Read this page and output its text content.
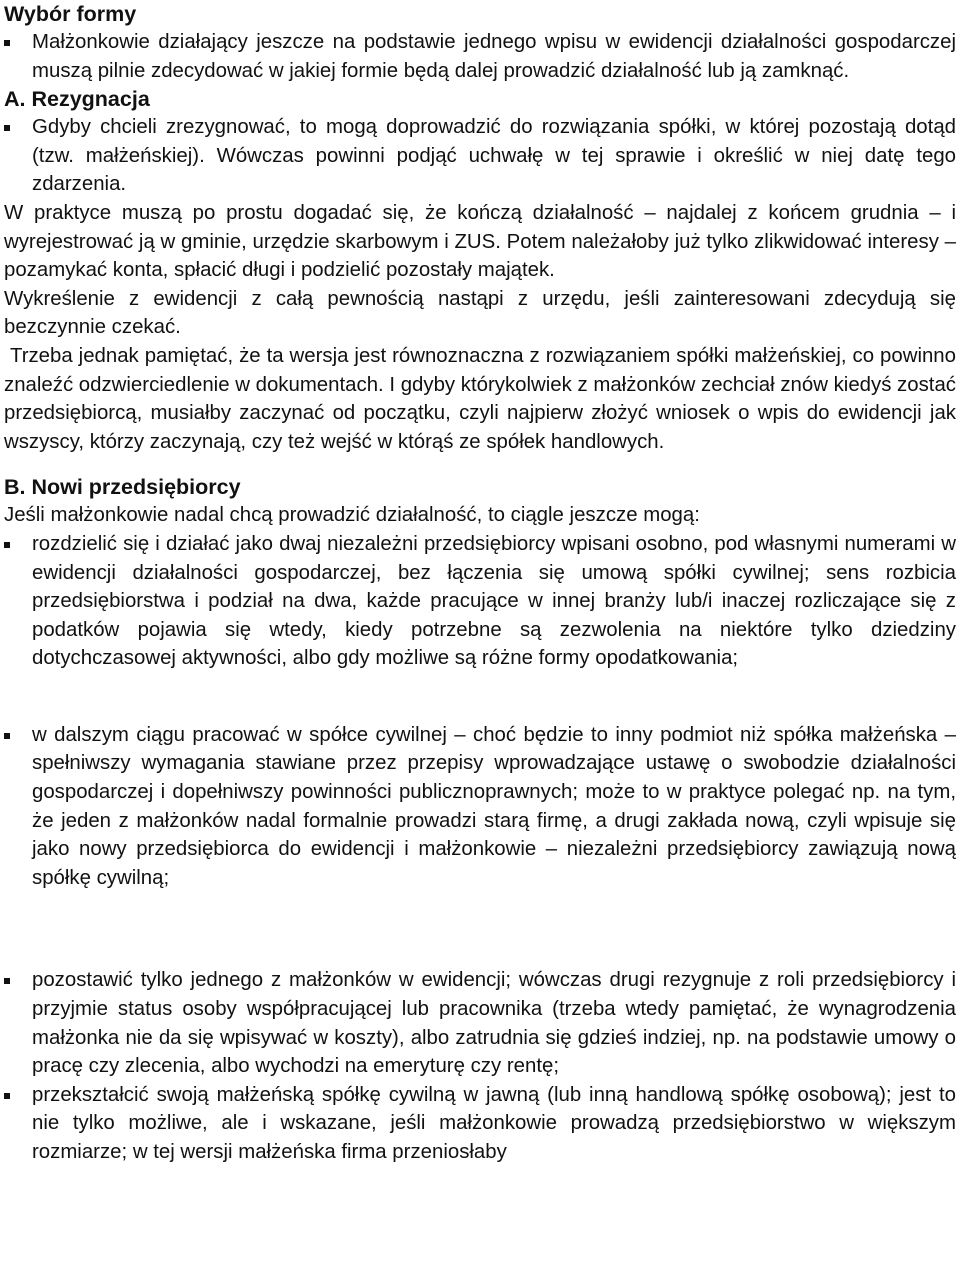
Wybór formy

Małżonkowie działający jeszcze na podstawie jednego wpisu w ewidencji działalności gospodarczej muszą pilnie zdecydować w jakiej formie będą dalej prowadzić działalność lub ją zamknąć.

A. Rezygnacja

Gdyby chcieli zrezygnować, to mogą doprowadzić do rozwiązania spółki, w której pozostają dotąd (tzw. małżeńskiej). Wówczas powinni podjąć uchwałę w tej sprawie i określić w niej datę tego zdarzenia.

W praktyce muszą po prostu dogadać się, że kończą działalność – najdalej z końcem grudnia – i wyrejestrować ją w gminie, urzędzie skarbowym i ZUS. Potem należałoby już tylko zlikwidować interesy – pozamykać konta, spłacić długi i podzielić pozostały majątek.

Wykreślenie z ewidencji z całą pewnością nastąpi z urzędu, jeśli zainteresowani zdecydują się bezczynnie czekać.

Trzeba jednak pamiętać, że ta wersja jest równoznaczna z rozwiązaniem spółki małżeńskiej, co powinno znaleźć odzwierciedlenie w dokumentach. I gdyby którykolwiek z małżonków zechciał znów kiedyś zostać przedsiębiorcą, musiałby zaczynać od początku, czyli najpierw złożyć wniosek o wpis do ewidencji jak wszyscy, którzy zaczynają, czy też wejść w którąś ze spółek handlowych.

B. Nowi przedsiębiorcy

Jeśli małżonkowie nadal chcą prowadzić działalność, to ciągle jeszcze mogą:

rozdzielić się i działać jako dwaj niezależni przedsiębiorcy wpisani osobno, pod własnymi numerami w ewidencji działalności gospodarczej, bez łączenia się umową spółki cywilnej; sens rozbicia przedsiębiorstwa i podział na dwa, każde pracujące w innej branży lub/i inaczej rozliczające się z podatków pojawia się wtedy, kiedy potrzebne są zezwolenia na niektóre tylko dziedziny dotychczasowej aktywności, albo gdy możliwe są różne formy opodatkowania;
w dalszym ciągu pracować w spółce cywilnej – choć będzie to inny podmiot niż spółka małżeńska – spełniwszy wymagania stawiane przez przepisy wprowadzające ustawę o swobodzie działalności gospodarczej i dopełniwszy powinności publicznoprawnych; może to w praktyce polegać np. na tym, że jeden z małżonków nadal formalnie prowadzi starą firmę, a drugi zakłada nową, czyli wpisuje się jako nowy przedsiębiorca do ewidencji i małżonkowie – niezależni przedsiębiorcy zawiązują nową spółkę cywilną;
pozostawić tylko jednego z małżonków w ewidencji; wówczas drugi rezygnuje z roli przedsiębiorcy i przyjmie status osoby współpracującej lub pracownika (trzeba wtedy pamiętać, że wynagrodzenia małżonka nie da się wpisywać w koszty), albo zatrudnia się gdzieś indziej, np. na podstawie umowy o pracę czy zlecenia, albo wychodzi na emeryturę czy rentę;
przekształcić swoją małżeńską spółkę cywilną w jawną (lub inną handlową spółkę osobową); jest to nie tylko możliwe, ale i wskazane, jeśli małżonkowie prowadzą przedsiębiorstwo w większym rozmiarze; w tej wersji małżeńska firma przeniosłaby
